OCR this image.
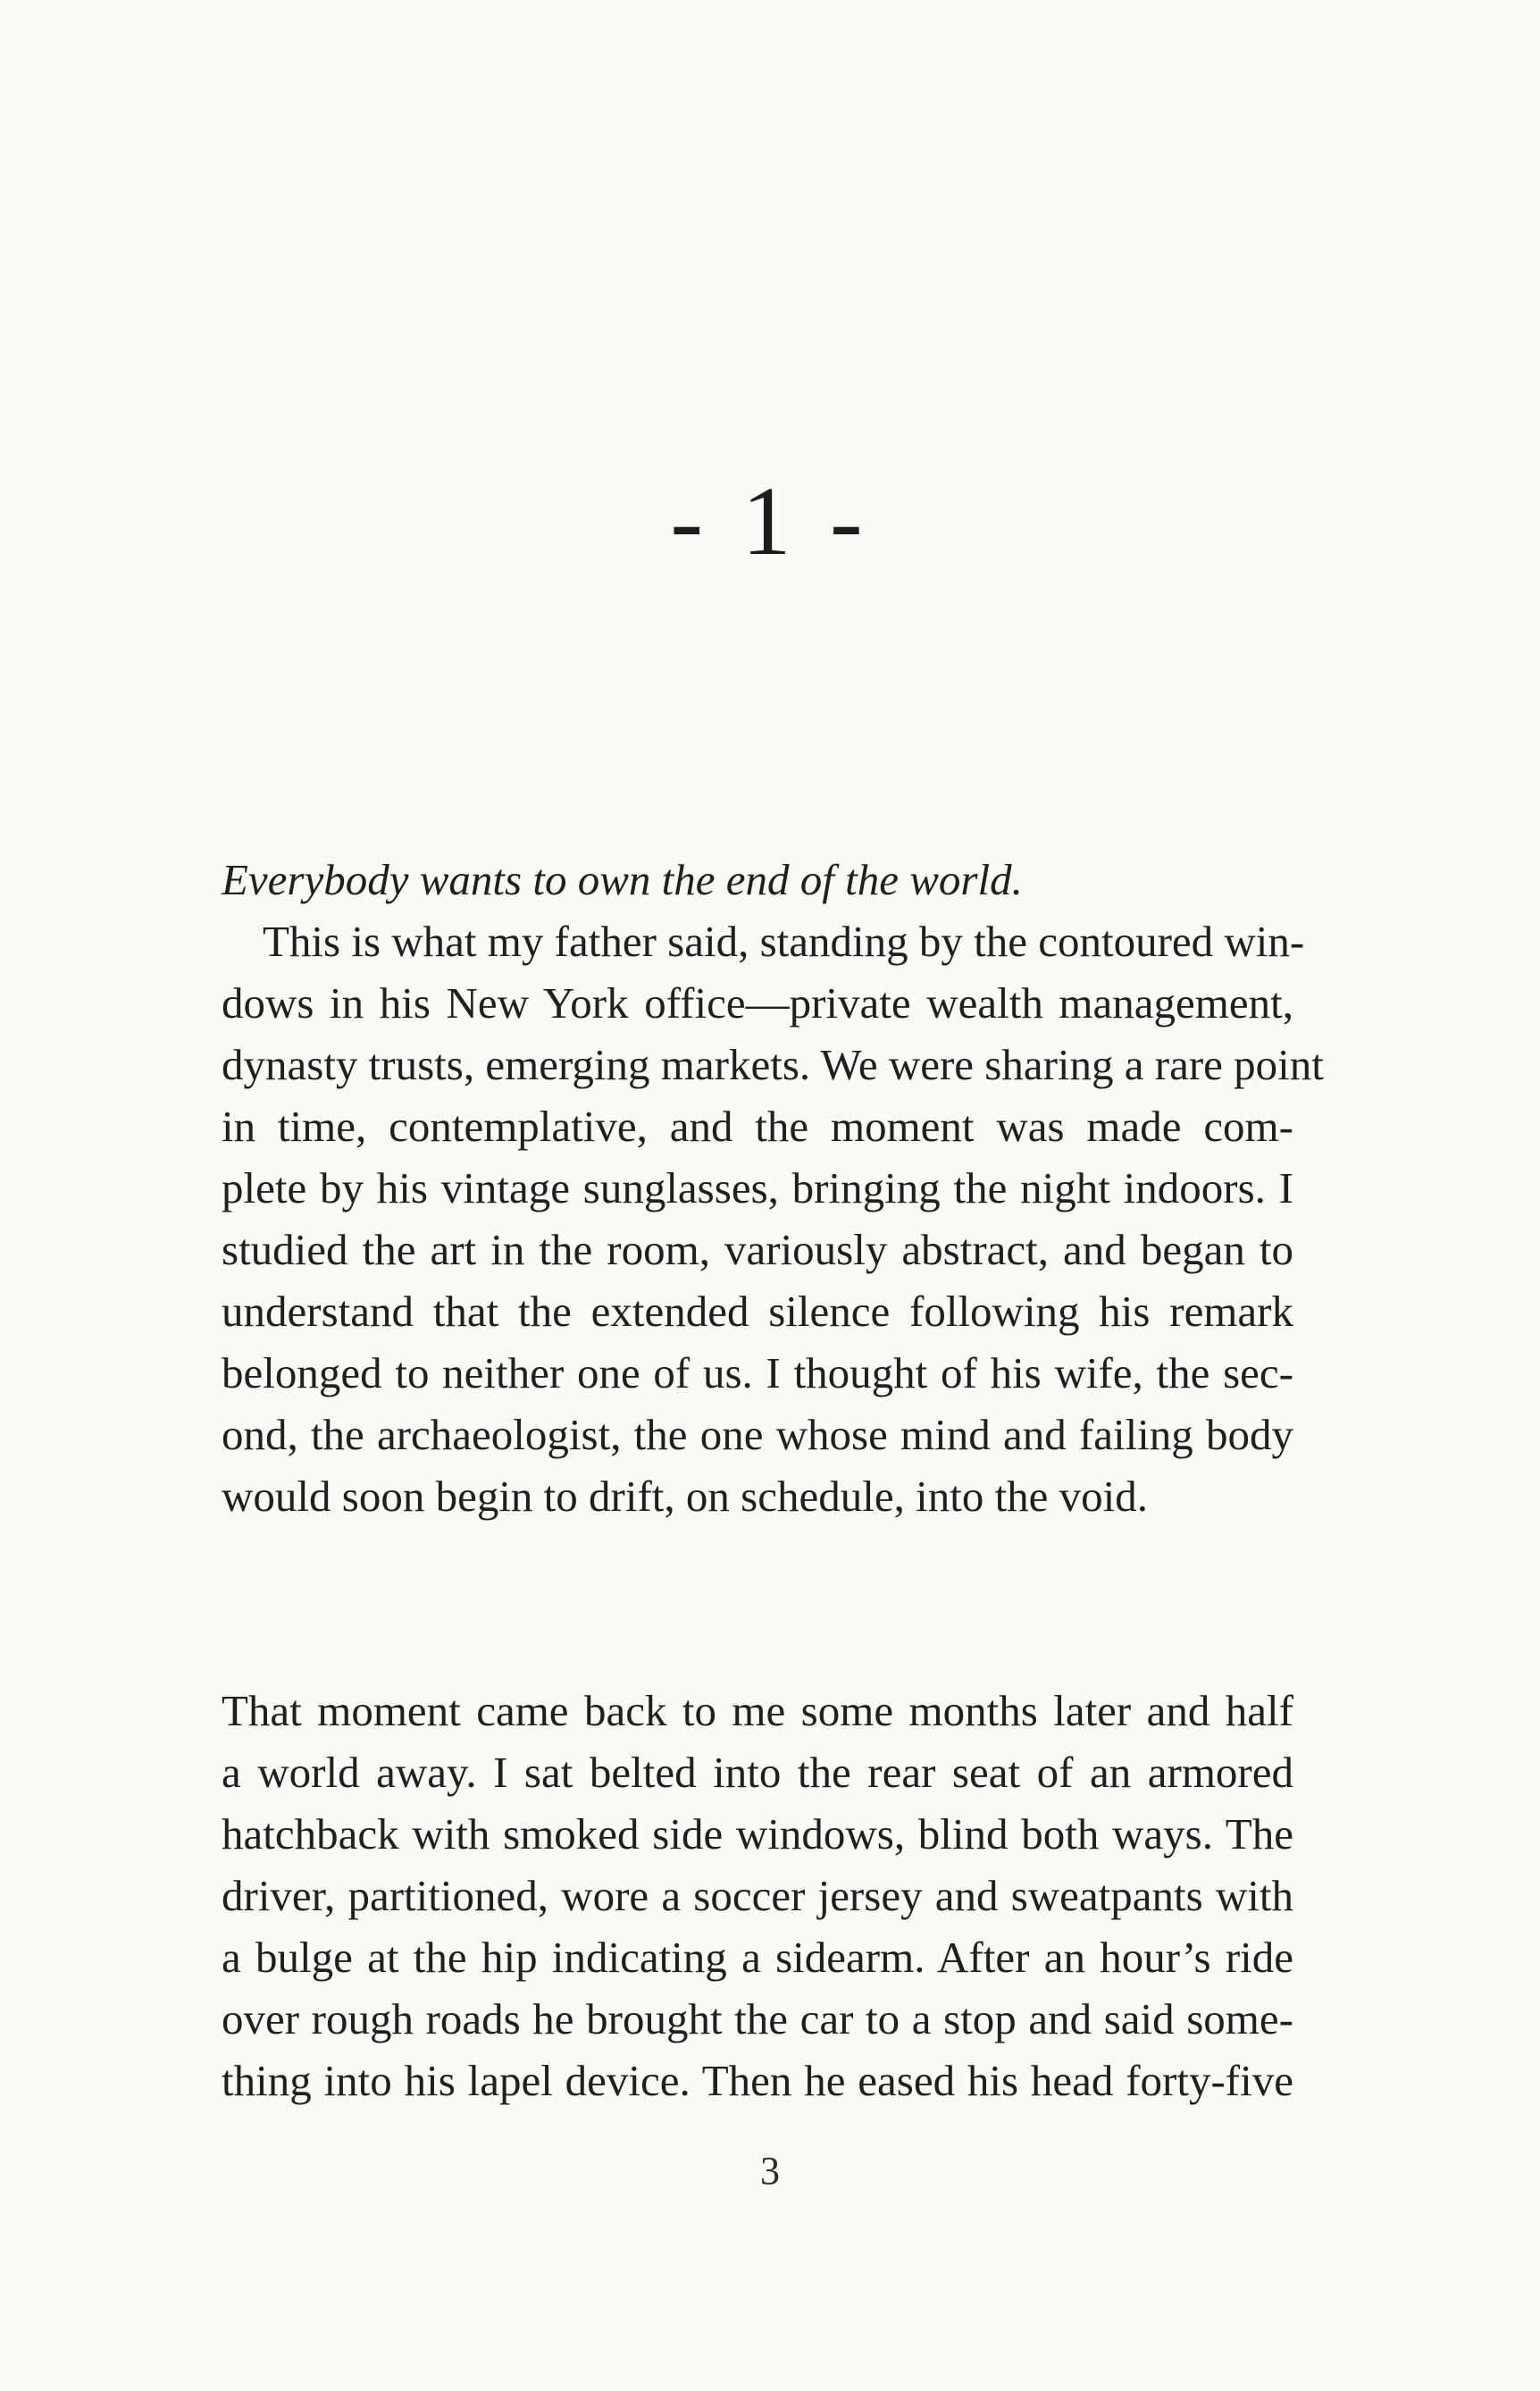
- 1 -
Everybody wants to own the end of the world.
This is what my father said, standing by the contoured win-
dows in his New York office—private wealth management,
dynasty trusts, emerging markets. We were sharing a rare point
in time, contemplative, and the moment was made com-
plete by his vintage sunglasses, bringing the night indoors. I
studied the art in the room, variously abstract, and began to
understand that the extended silence following his remark
belonged to neither one of us. I thought of his wife, the sec-
ond, the archaeologist, the one whose mind and failing body
would soon begin to drift, on schedule, into the void.
That moment came back to me some months later and half
a world away. I sat belted into the rear seat of an armored
hatchback with smoked side windows, blind both ways. The
driver, partitioned, wore a soccer jersey and sweatpants with
a bulge at the hip indicating a sidearm. After an hour’s ride
over rough roads he brought the car to a stop and said some-
thing into his lapel device. Then he eased his head forty-five
3
